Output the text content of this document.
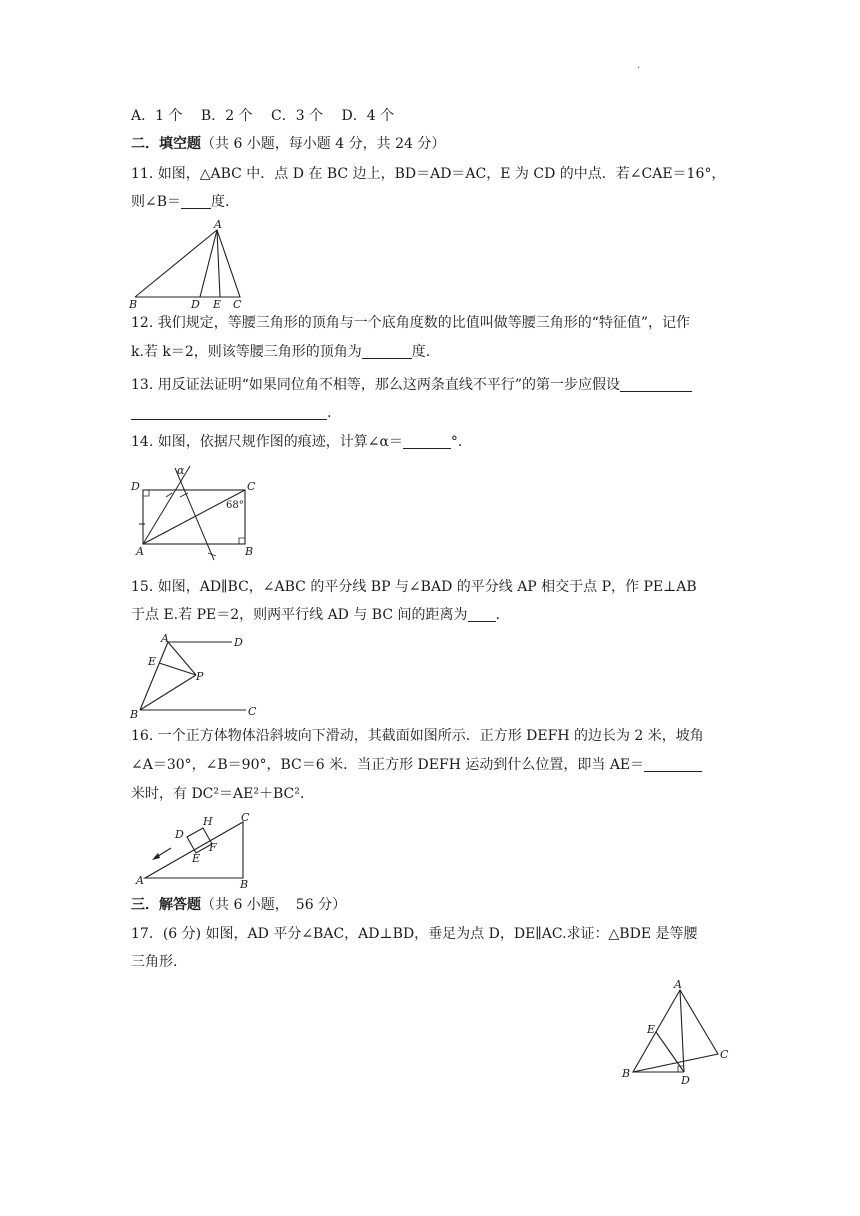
.
A．1 个　 B．2 个　 C．3 个　 D．4 个
二．填空题（共 6 小题，每小题 4 分，共 24 分）
11. 如图，△ABC 中．点 D 在 BC 边上，BD＝AD＝AC，E 为 CD 的中点．若∠CAE＝16°，
则∠B＝ 度.
A
B	D E C
12. 我们规定，等腰三角形的顶角与一个底角度数的比值叫做等腰三角形的“特征值”，记作
k.若 k＝2，则该等腰三角形的顶角为	度.
13. 用反证法证明“如果同位角不相等，那么这两条直线不平行”的第一步应假设
.
14. 如图，依据尺规作图的痕迹，计算∠α＝	°.
α
D	C
A	B
68°
15. 如图，AD∥BC，∠ABC 的平分线 BP 与∠BAD 的平分线 AP 相交于点 P，作 PE⊥AB
于点 E.若 PE＝2，则两平行线 AD 与 BC 间的距离为 .
A	D
E
P
B	C
16. 一个正方体物体沿斜坡向下滑动，其截面如图所示．正方形 DEFH 的边长为 2 米，坡角
∠A＝30°，∠B＝90°，BC＝6 米．当正方形 DEFH 运动到什么位置，即当 AE＝
米时，有 DC²＝AE²＋BC².
D
H
F
E
C
A	B
三．解答题（共 6 小题，　56 分）
17．(6 分) 如图，AD 平分∠BAC，AD⊥BD，垂足为点 D，DE∥AC.求证：△BDE 是等腰
三角形.
A
E
C
B
D
